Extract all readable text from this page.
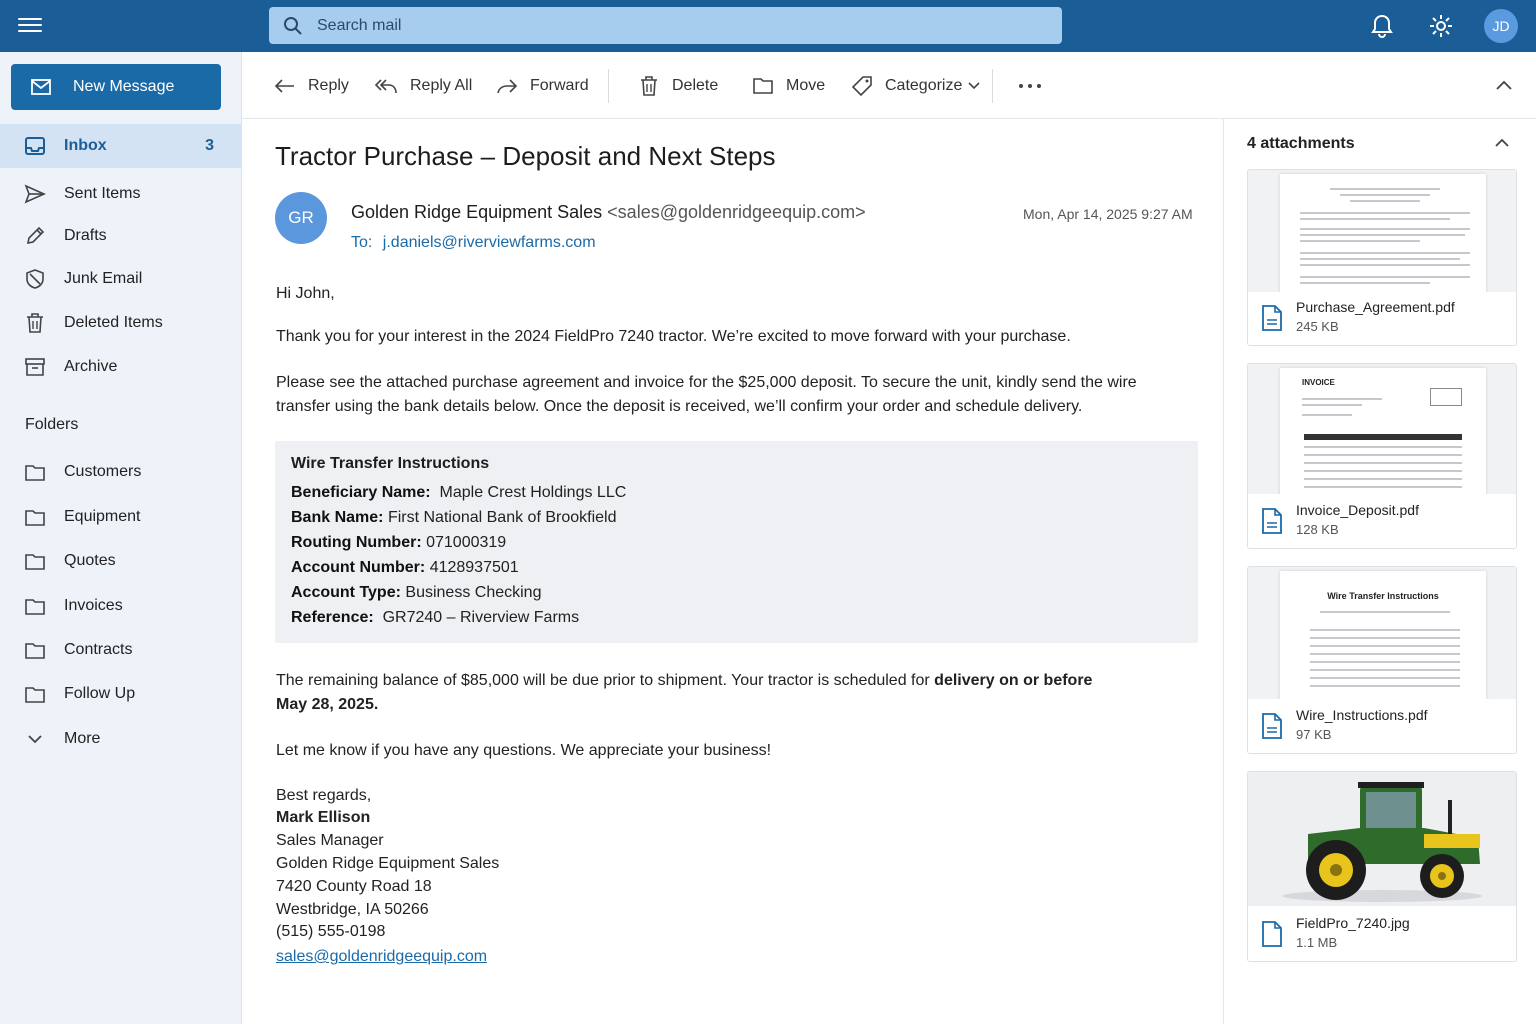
Search mail	JD
New Message
Inbox	3
Sent Items
Drafts
Junk Email
Deleted Items
Archive
Folders
Customers
Equipment
Quotes
Invoices
Contracts
Follow Up
More
Reply	Reply All	Forward	Delete	Move	Categorize
Tractor Purchase – Deposit and Next Steps
GR	Golden Ridge Equipment Sales <sales@goldenridgeequip.com>
To: j.daniels@riverviewfarms.com
Mon, Apr 14, 2025 9:27 AM
Hi John,
Thank you for your interest in the 2024 FieldPro 7240 tractor. We’re excited to move forward with your purchase.
Please see the attached purchase agreement and invoice for the $25,000 deposit. To secure the unit, kindly send the wire
transfer using the bank details below. Once the deposit is received, we’ll confirm your order and schedule delivery.
Wire Transfer Instructions
Beneficiary Name: Maple Crest Holdings LLC
Bank Name: First National Bank of Brookfield
Routing Number: 071000319
Account Number: 4128937501
Account Type: Business Checking
Reference: GR7240 – Riverview Farms
The remaining balance of $85,000 will be due prior to shipment. Your tractor is scheduled for delivery on or before
May 28, 2025.
Let me know if you have any questions. We appreciate your business!
Best regards,
Mark Ellison
Sales Manager
Golden Ridge Equipment Sales
7420 County Road 18
Westbridge, IA 50266
(515) 555-0198
sales@goldenridgeequip.com
4 attachments
Purchase_Agreement.pdf
245 KB
INVOICE
Invoice_Deposit.pdf
128 KB
Wire Transfer Instructions
Wire_Instructions.pdf
97 KB
FieldPro_7240.jpg
1.1 MB
